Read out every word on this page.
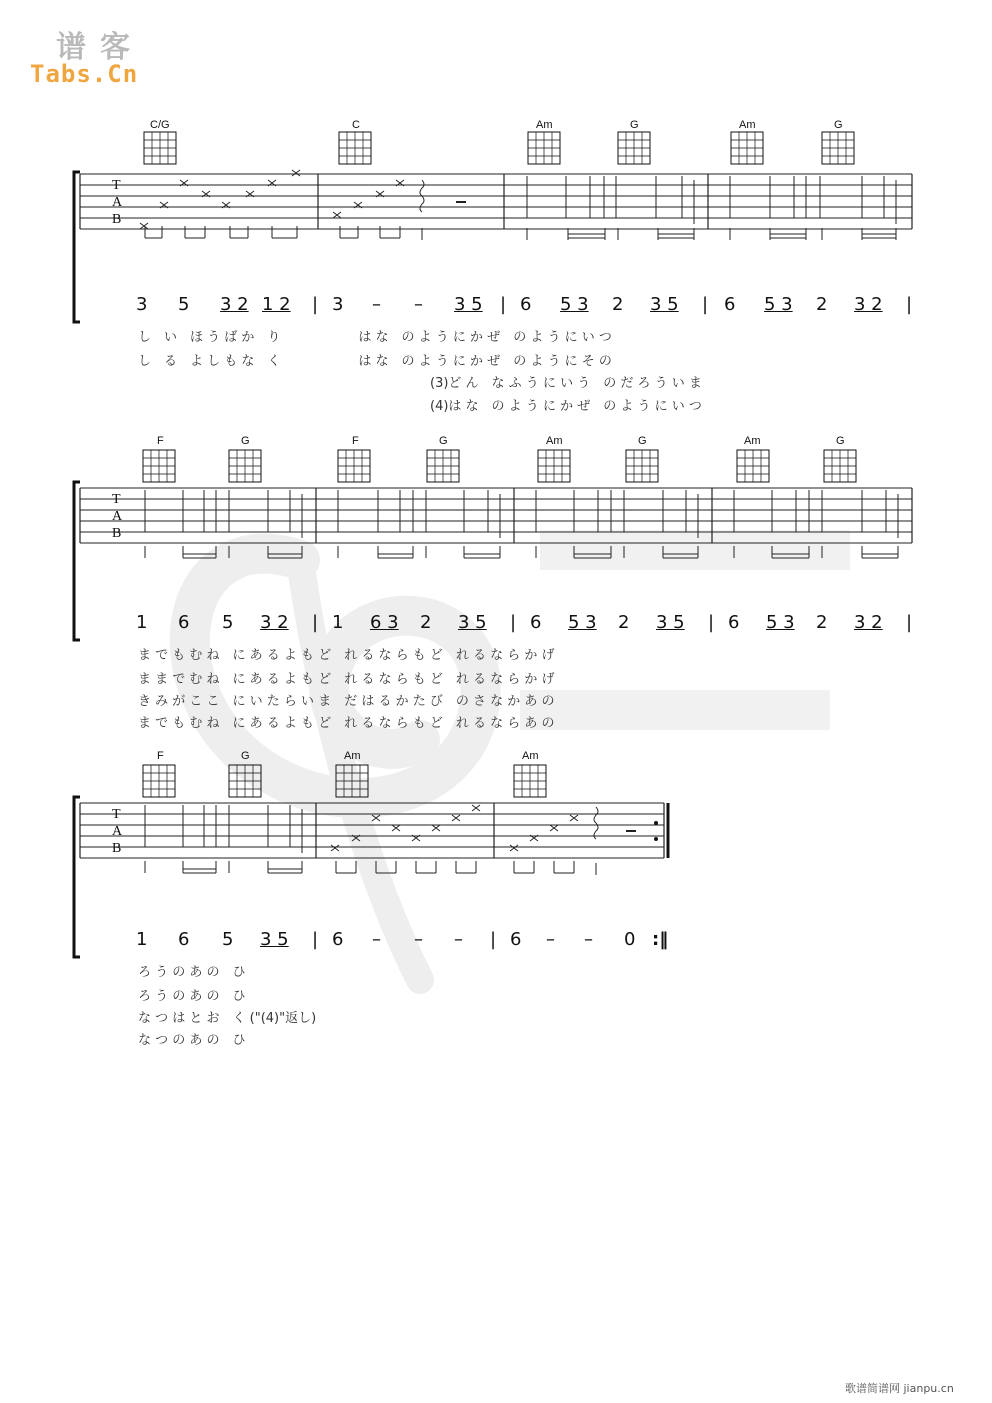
谱客
Tabs.Cn
T
A
B
C/G	C	Am	G	Am	G
3 5 3 2 1 2 | 3 – – 3 5 | 6 5 3 2 3 5 | 6 5 3 2 3 2 |
し　い　ほ う ば か　り　　　　　　は な　の よ う に か ぜ　の よ う に い つ
し　る　よ し も な　く　　　　　　は な　の よ う に か ぜ　の よ う に そ の
(3)ど ん　な ふ う に い う　の だ ろ う い ま
(4)は な　の よ う に か ぜ　の よ う に い つ
T
A
B
F	G	F	G	Am	G	Am	G
1 6 5 3 2 | 1 6 3 2 3 5 | 6 5 3 2 3 5 | 6 5 3 2 3 2 |
ま で も む ね　に あ る よ も ど　れ る な ら も ど　れ る な ら か げ
ま ま で む ね　に あ る よ も ど　れ る な ら も ど　れ る な ら か げ
き み が こ こ　に い た ら い ま　だ は る か た び　の さ な か あ の
ま で も む ね　に あ る よ も ど　れ る な ら も ど　れ る な ら あ の
T
A
B
F	G	Am	Am
1 6 5 3 5 | 6 – – – | 6 – – 0 :‖
ろ う の あ の　ひ
ろ う の あ の　ひ
な つ は と お　く ("(4)"返し)
な つ の あ の　ひ
歌谱简谱网 jianpu.cn
